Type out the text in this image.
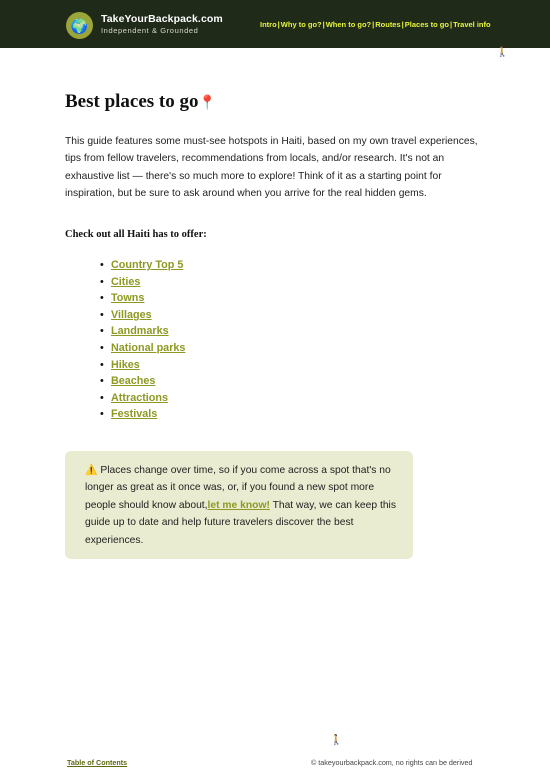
🌍	TakeYourBackpack.com
Independent & Grounded
Intro | Why to go? | When to go? | Routes | Places to go | Travel info
🚶
Best places to go📍

This guide features some must-see hotspots in Haiti, based on my own travel experiences, tips from fellow travelers, recommendations from locals, and/or research. It's not an exhaustive list — there's so much more to explore! Think of it as a starting point for inspiration, but be sure to ask around when you arrive for the real hidden gems.

Check out all Haiti has to offer:

• Country Top 5
• Cities
• Towns
• Villages
• Landmarks
• National parks
• Hikes
• Beaches
• Attractions
• Festivals

⚠️ Places change over time, so if you come across a spot that's no longer as great as it once was, or, if you found a new spot more people should know about,let me know! That way, we can keep this guide up to date and help future travelers discover the best experiences.

🚶
Table of Contents	© takeyourbackpack.com, no rights can be derived
